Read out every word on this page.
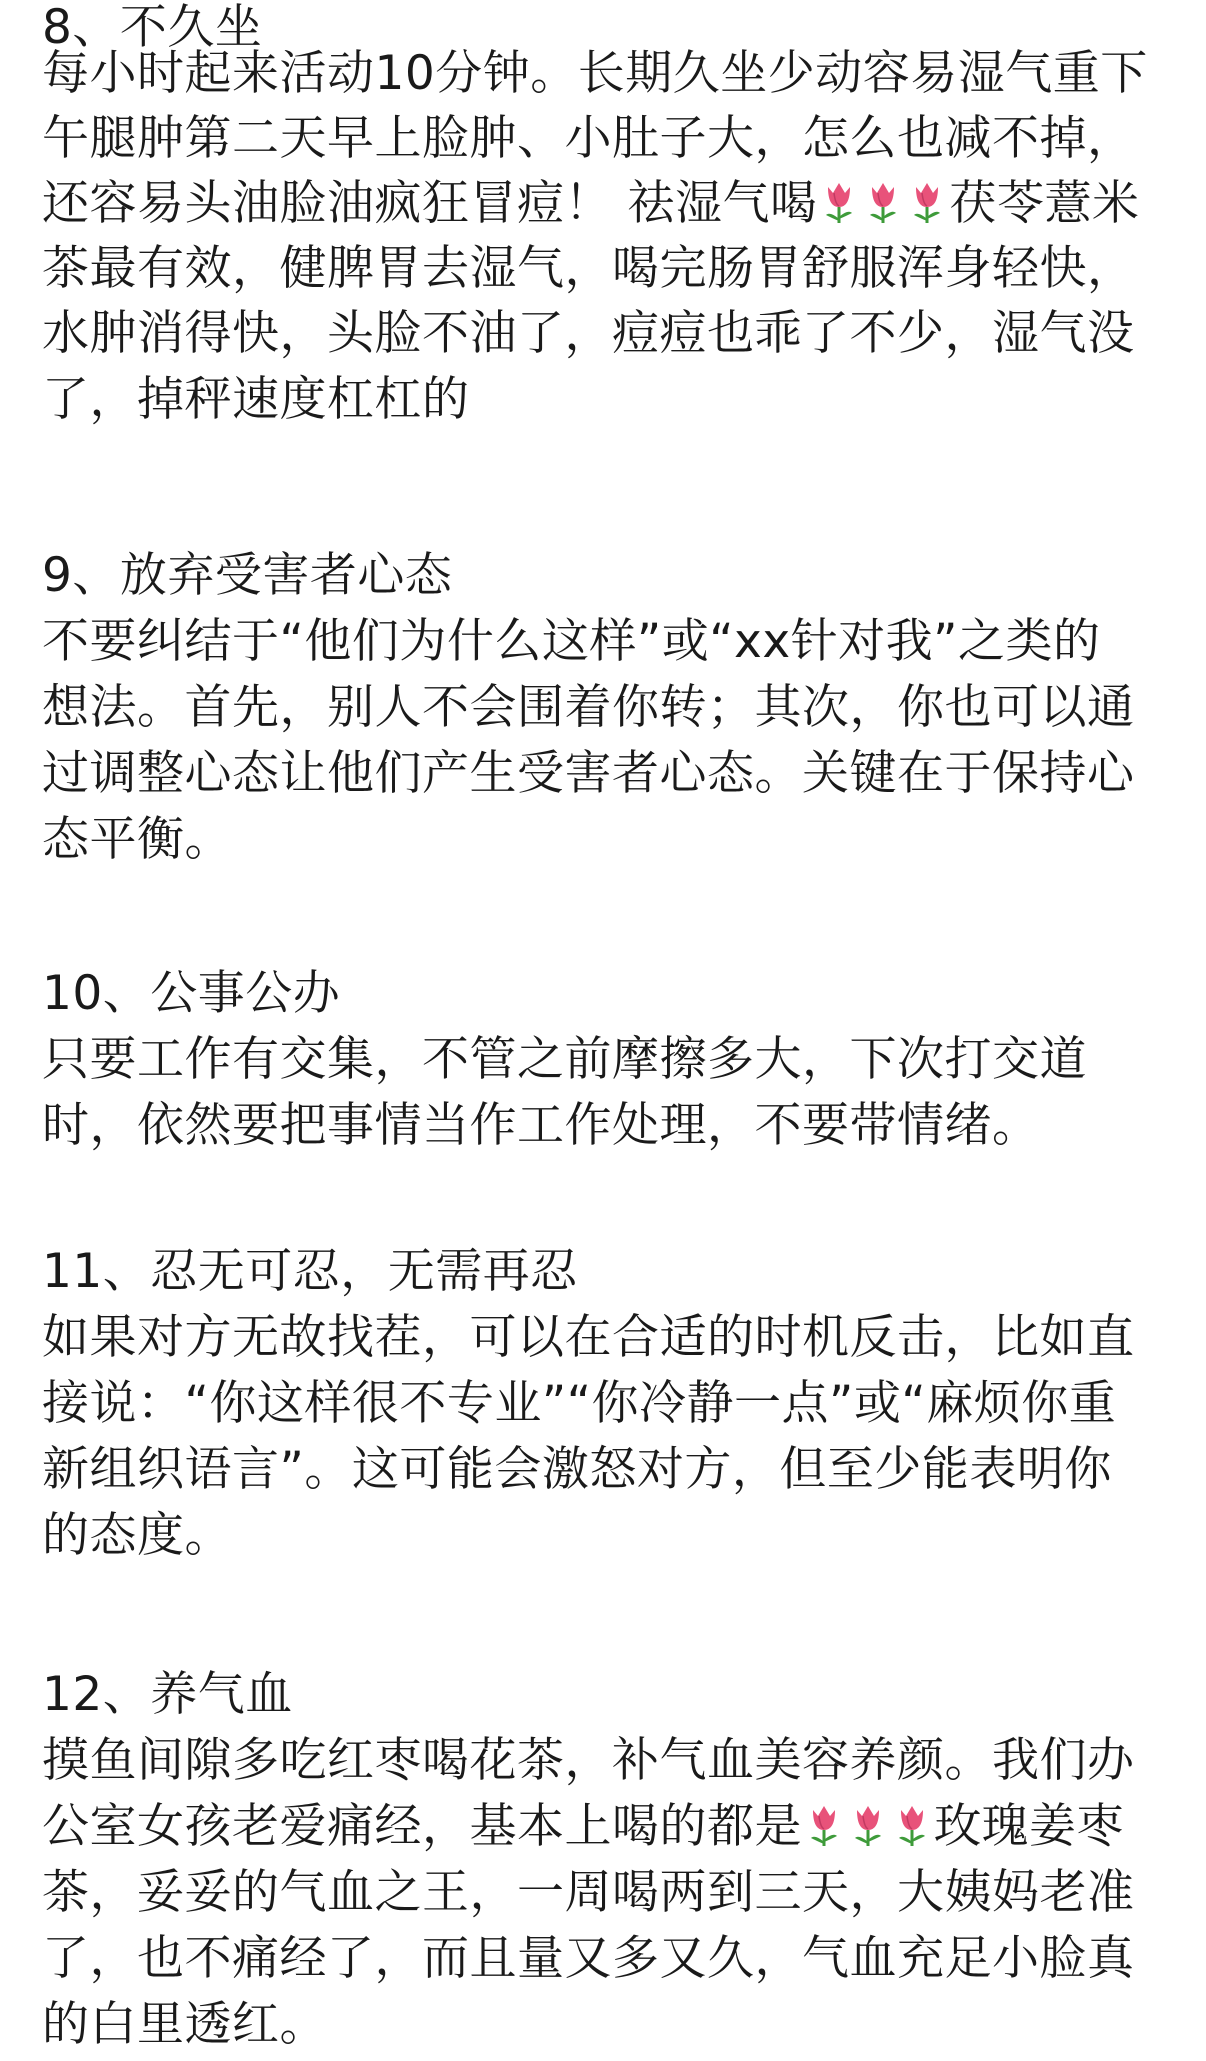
8、不久坐
每小时起来活动10分钟。长期久坐少动容易湿气重下
午腿肿第二天早上脸肿、小肚子大，怎么也减不掉，
还容易头油脸油疯狂冒痘！ 祛湿气喝	茯苓薏米
茶最有效，健脾胃去湿气，喝完肠胃舒服浑身轻快，
水肿消得快，头脸不油了，痘痘也乖了不少，湿气没
了，掉秤速度杠杠的
9、放弃受害者心态
不要纠结于“他们为什么这样”或“xx针对我”之类的
想法。首先，别人不会围着你转；其次，你也可以通
过调整心态让他们产生受害者心态。关键在于保持心
态平衡。
10、公事公办
只要工作有交集，不管之前摩擦多大，下次打交道
时，依然要把事情当作工作处理，不要带情绪。
11、忍无可忍，无需再忍
如果对方无故找茬，可以在合适的时机反击，比如直
接说：“你这样很不专业”“你冷静一点”或“麻烦你重
新组织语言”。这可能会激怒对方，但至少能表明你
的态度。
12、养气血
摸鱼间隙多吃红枣喝花茶，补气血美容养颜。我们办
公室女孩老爱痛经，基本上喝的都是	玫瑰姜枣
茶，妥妥的气血之王，一周喝两到三天，大姨妈老准
了，也不痛经了，而且量又多又久，气血充足小脸真
的白里透红。
